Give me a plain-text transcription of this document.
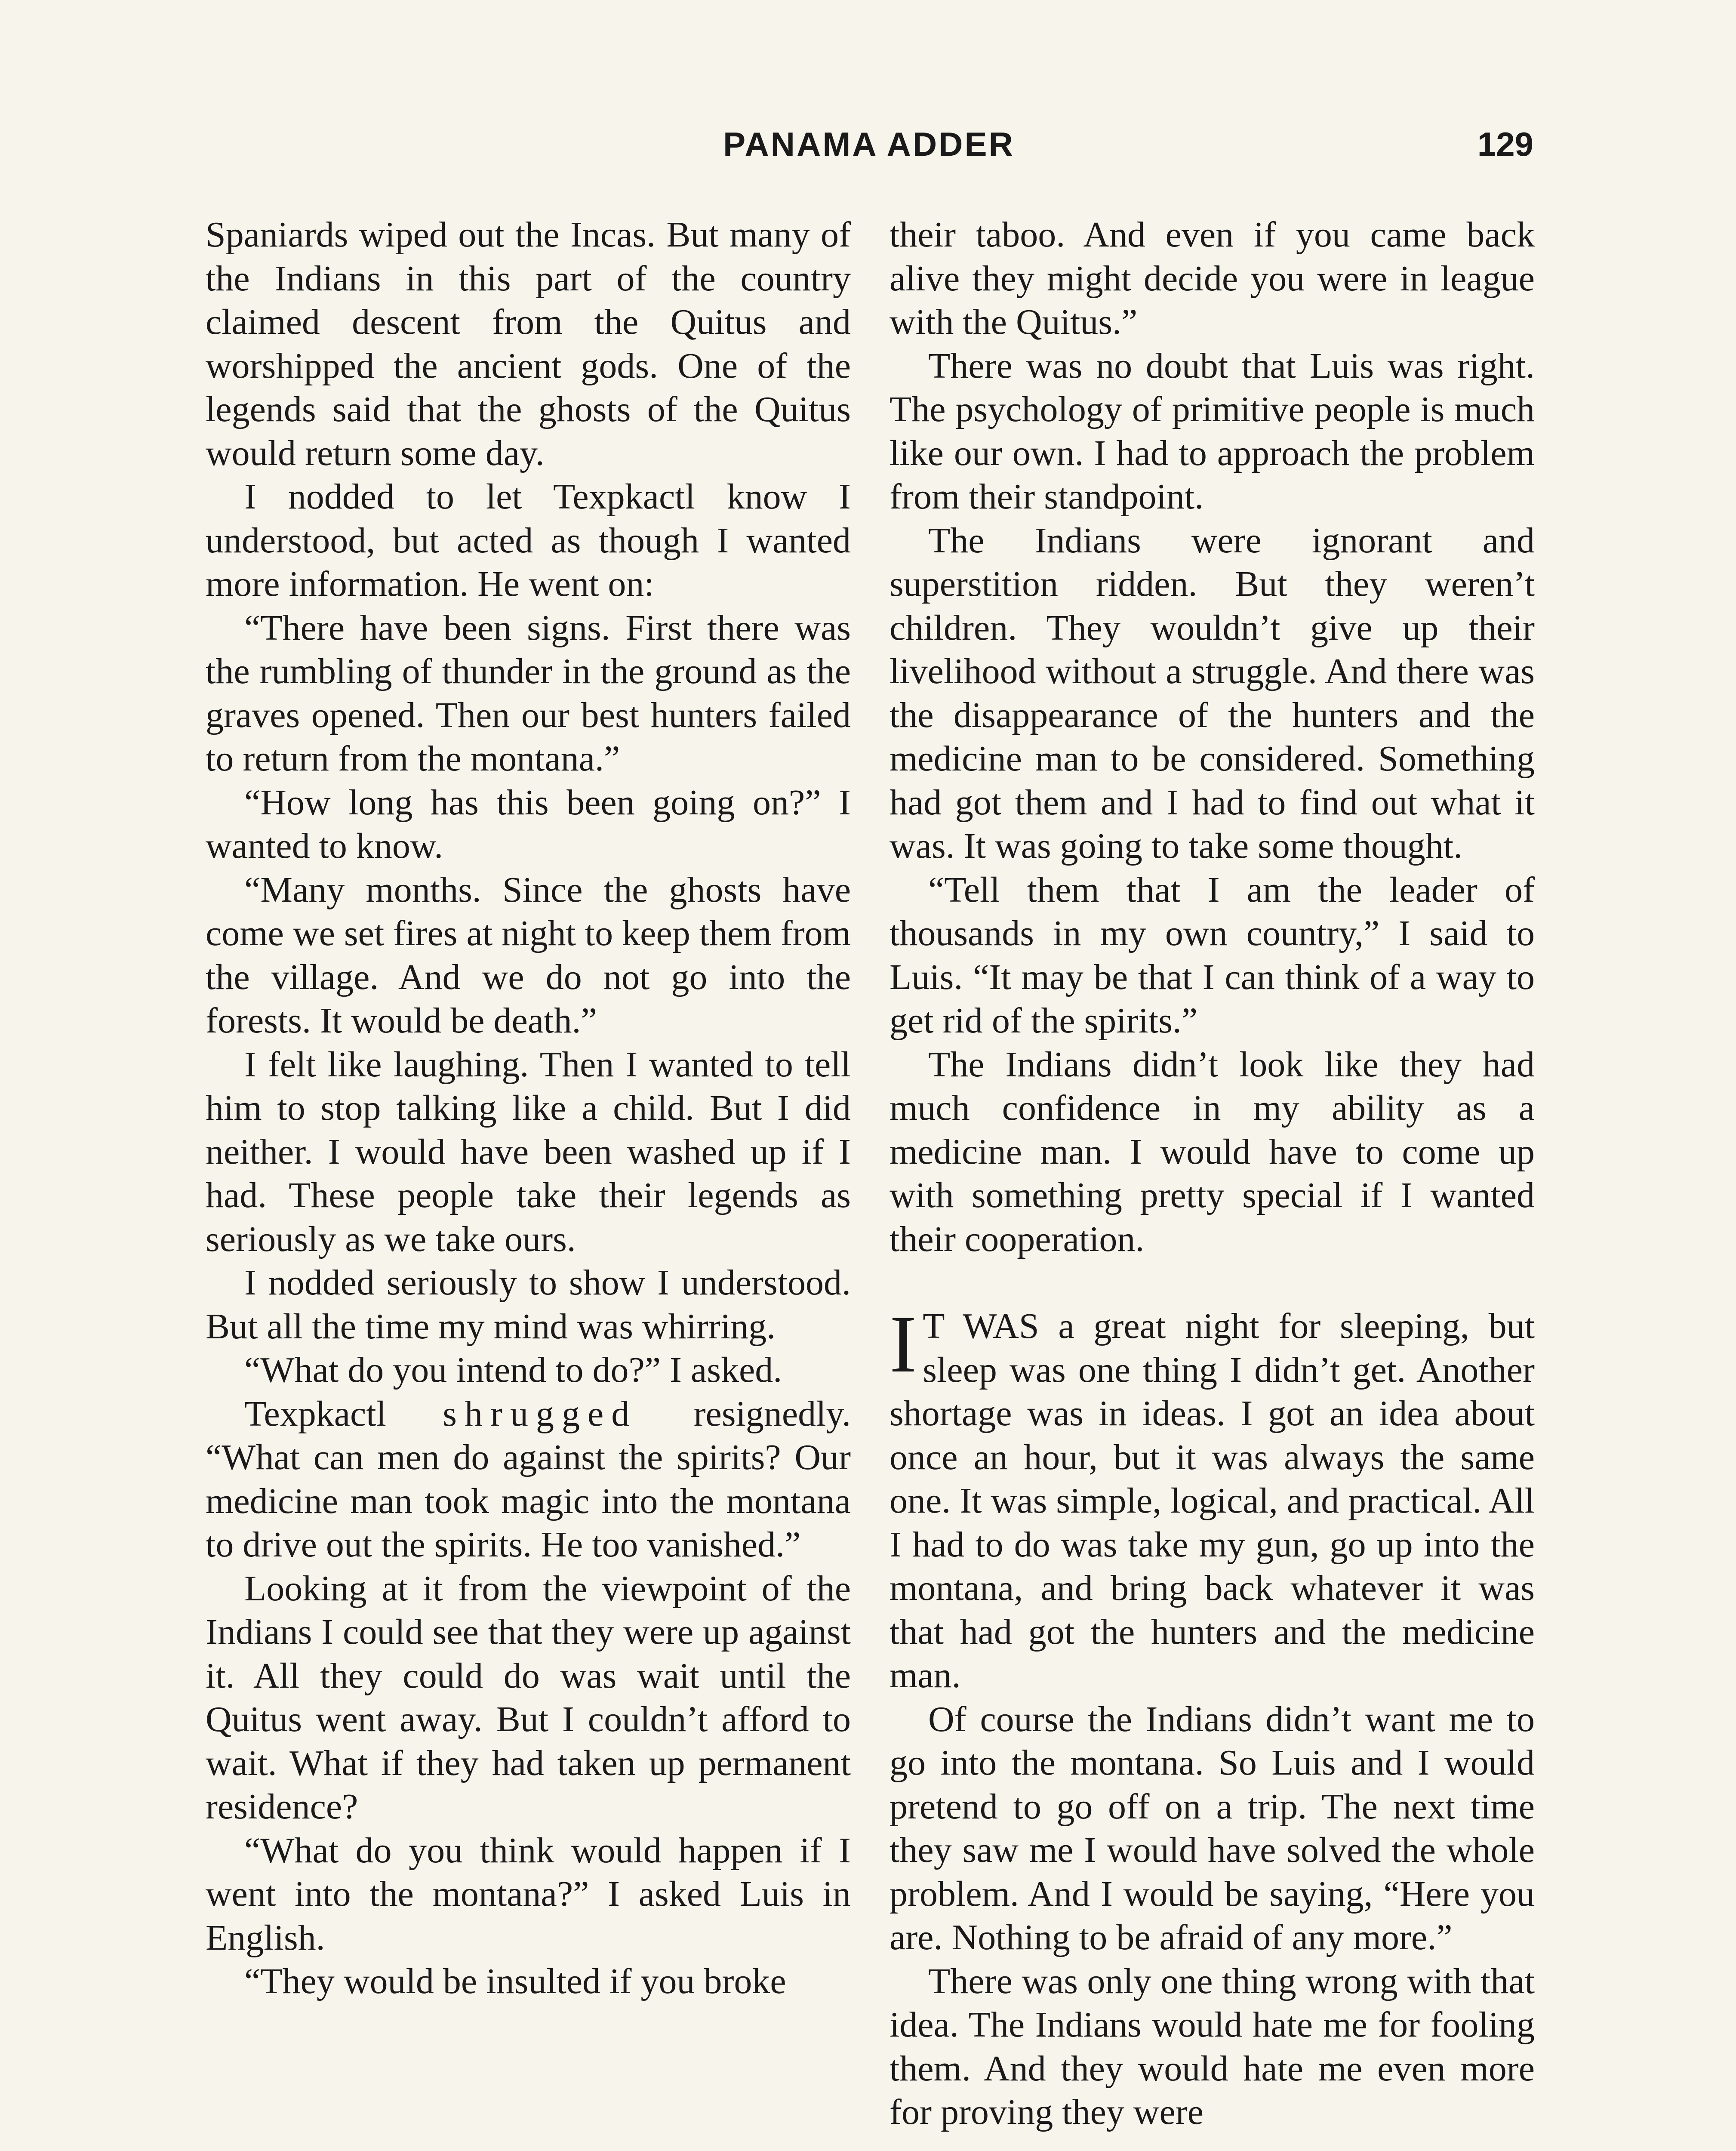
PANAMA ADDER	129

Spaniards wiped out the Incas. But many of the Indians in this part of the country claimed descent from the Quitus and worshipped the ancient gods. One of the legends said that the ghosts of the Quitus would return some day.

I nodded to let Texpkactl know I understood, but acted as though I wanted more information. He went on:

“There have been signs. First there was the rumbling of thunder in the ground as the graves opened. Then our best hunters failed to return from the montana.”

“How long has this been going on?” I wanted to know.

“Many months. Since the ghosts have come we set fires at night to keep them from the village. And we do not go into the forests. It would be death.”

I felt like laughing. Then I wanted to tell him to stop talking like a child. But I did neither. I would have been washed up if I had. These people take their legends as seriously as we take ours.

I nodded seriously to show I understood. But all the time my mind was whirring.

“What do you intend to do?” I asked.

Texpkactl shrugged resignedly. “What can men do against the spirits? Our medicine man took magic into the montana to drive out the spirits. He too vanished.”

Looking at it from the viewpoint of the Indians I could see that they were up against it. All they could do was wait until the Quitus went away. But I couldn’t afford to wait. What if they had taken up permanent residence?

“What do you think would happen if I went into the montana?” I asked Luis in English.

“They would be insulted if you broke

their taboo. And even if you came back alive they might decide you were in league with the Quitus.”

There was no doubt that Luis was right. The psychology of primitive people is much like our own. I had to approach the problem from their standpoint.

The Indians were ignorant and superstition ridden. But they weren’t children. They wouldn’t give up their livelihood without a struggle. And there was the disappearance of the hunters and the medicine man to be considered. Something had got them and I had to find out what it was. It was going to take some thought.

“Tell them that I am the leader of thousands in my own country,” I said to Luis. “It may be that I can think of a way to get rid of the spirits.”

The Indians didn’t look like they had much confidence in my ability as a medicine man. I would have to come up with something pretty special if I wanted their cooperation.

I T WAS a great night for sleeping, but sleep was one thing I didn’t get. Another shortage was in ideas. I got an idea about once an hour, but it was always the same one. It was simple, logical, and practical. All I had to do was take my gun, go up into the montana, and bring back whatever it was that had got the hunters and the medicine man.

Of course the Indians didn’t want me to go into the montana. So Luis and I would pretend to go off on a trip. The next time they saw me I would have solved the whole problem. And I would be saying, “Here you are. Nothing to be afraid of any more.”

There was only one thing wrong with that idea. The Indians would hate me for fooling them. And they would hate me even more for proving they were
